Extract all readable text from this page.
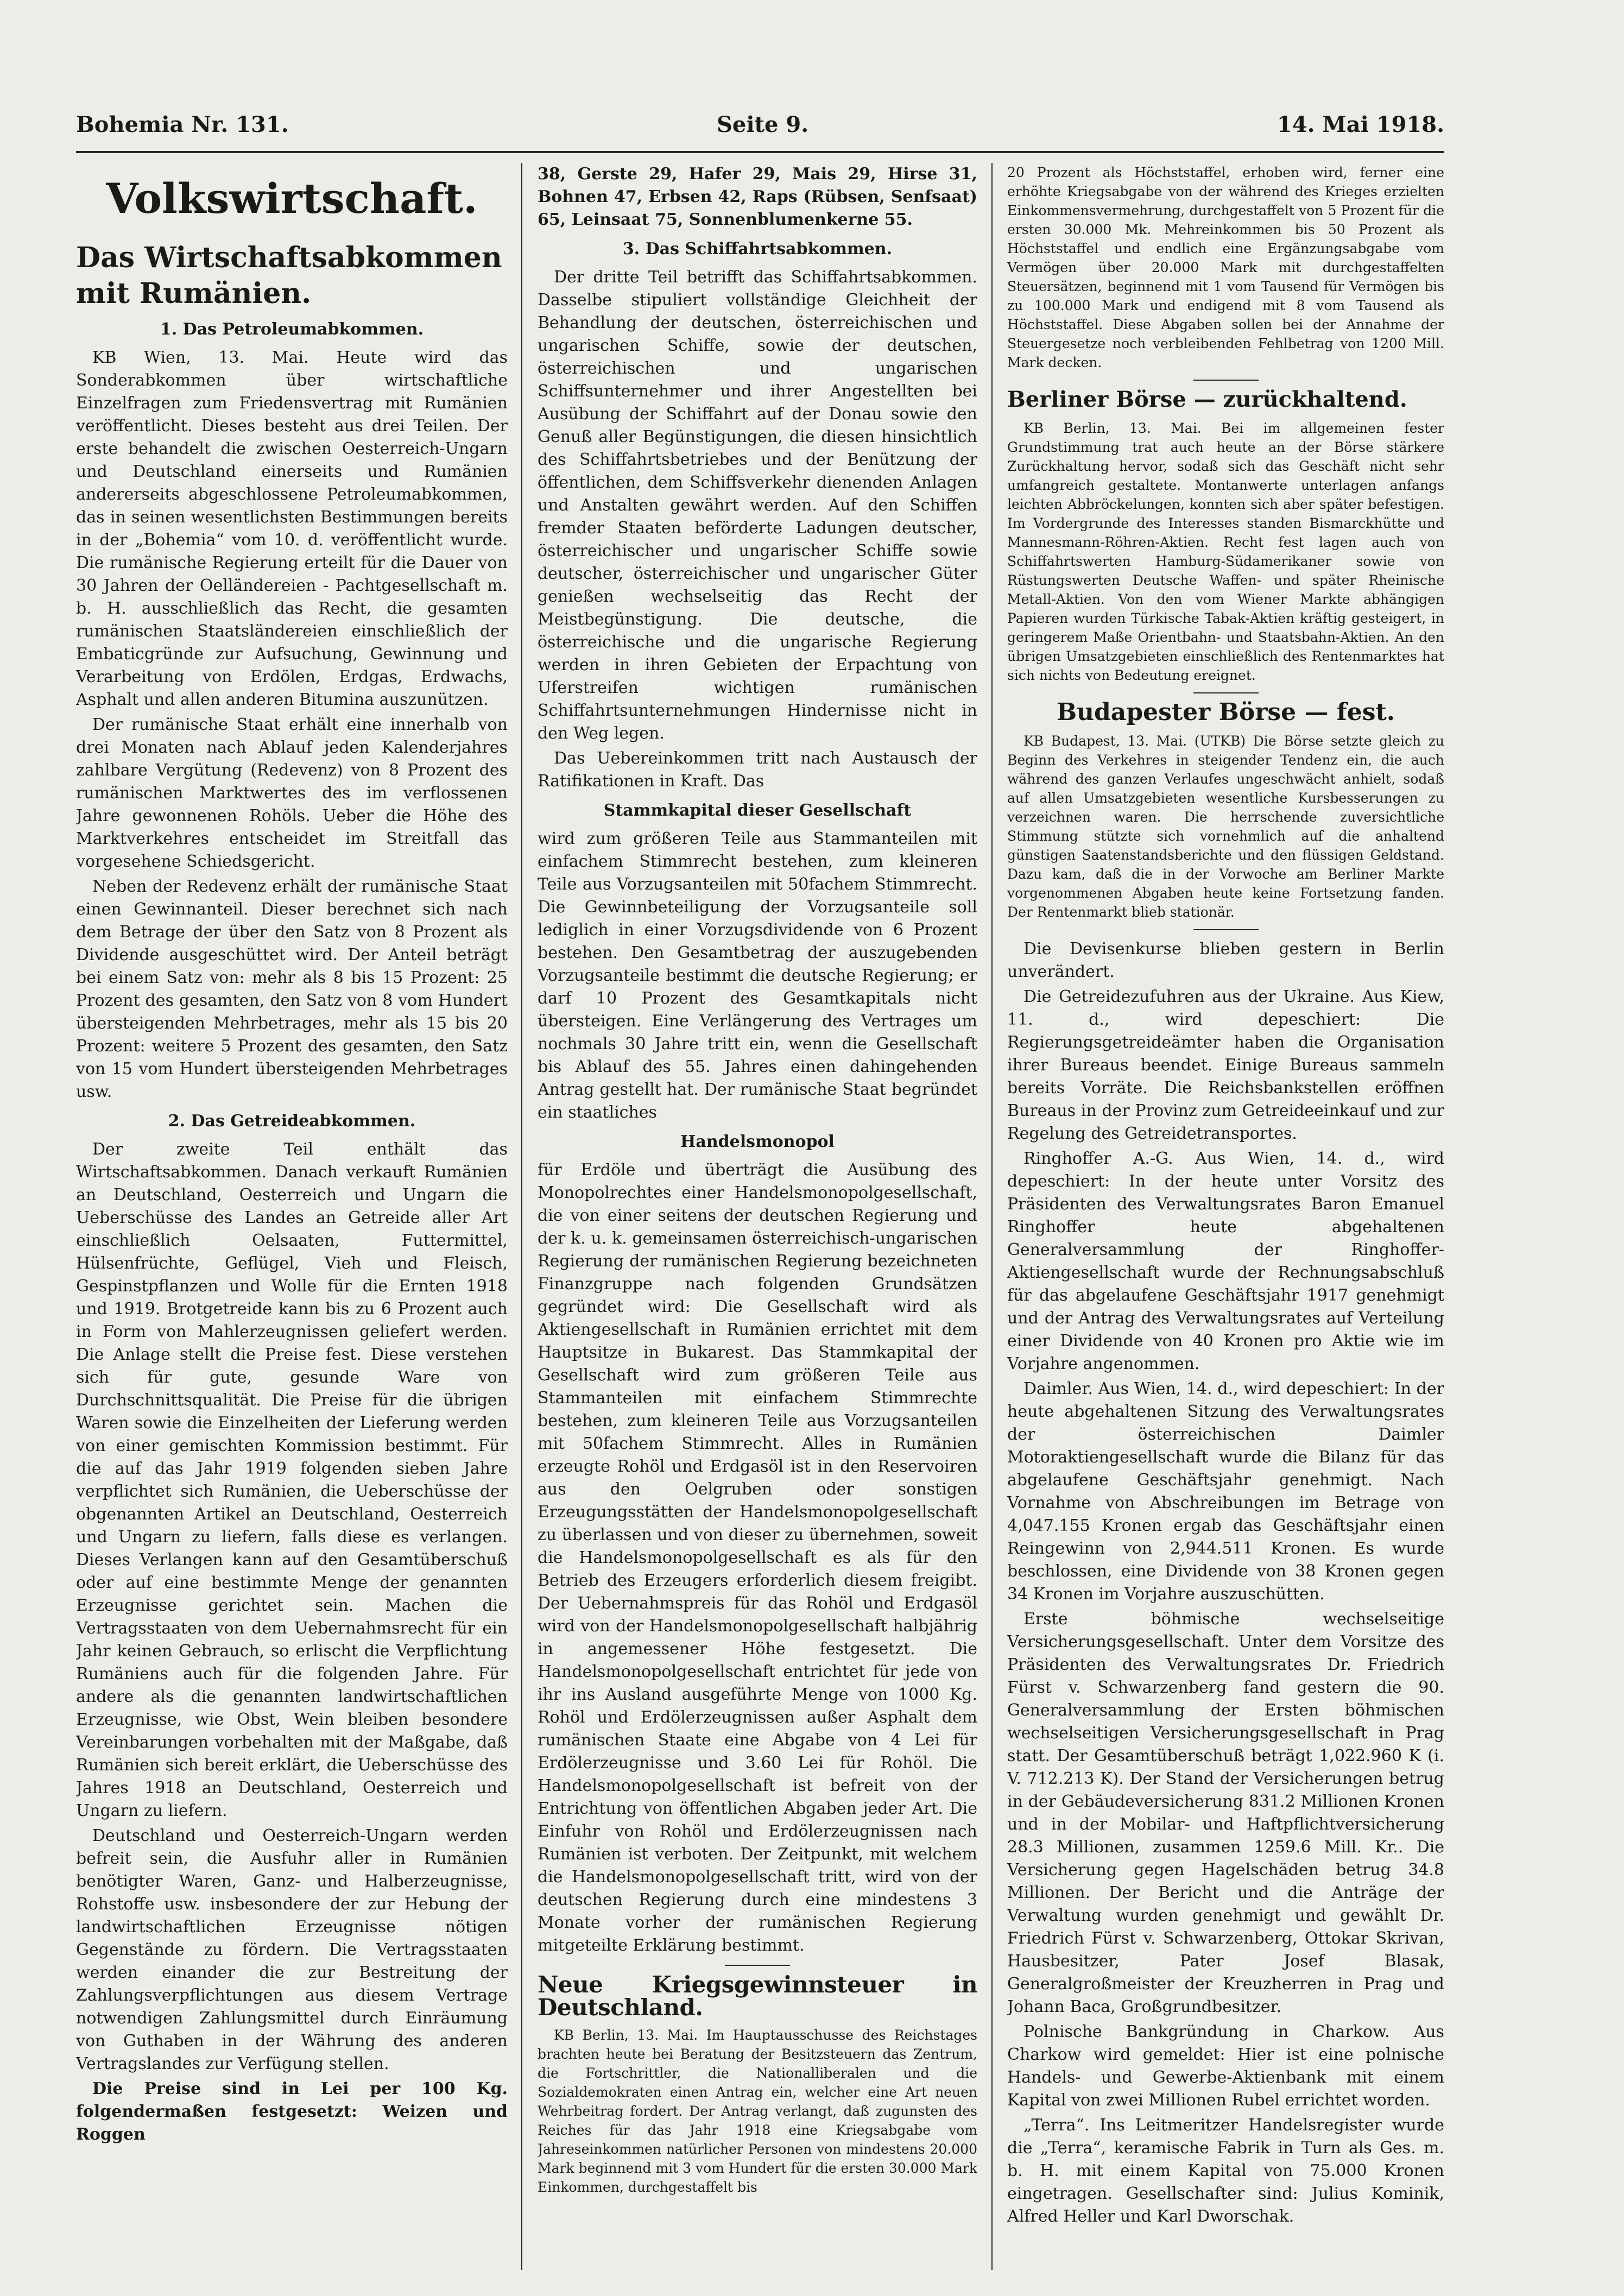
Bohemia Nr. 131.	Seite 9.	14. Mai 1918.
Volkswirtschaft.
Das Wirtschaftsabkommen mit Rumänien.
1. Das Petroleumabkommen.

KB Wien, 13. Mai. Heute wird das Sonderabkommen über wirtschaftliche Einzelfragen zum Friedensvertrag mit Rumänien veröffentlicht. Dieses besteht aus drei Teilen. Der erste behandelt die zwischen Oesterreich-Ungarn und Deutschland einerseits und Rumänien andererseits abgeschlossene Petroleumabkommen, das in seinen wesentlichsten Bestimmungen bereits in der „Bohemia“ vom 10. d. veröffentlicht wurde. Die rumänische Regierung erteilt für die Dauer von 30 Jahren der Oelländereien - Pachtgesellschaft m. b. H. ausschließlich das Recht, die gesamten rumänischen Staatsländereien einschließlich der Embaticgründe zur Aufsuchung, Gewinnung und Verarbeitung von Erdölen, Erdgas, Erdwachs, Asphalt und allen anderen Bitumina auszunützen.

Der rumänische Staat erhält eine innerhalb von drei Monaten nach Ablauf jeden Kalenderjahres zahlbare Vergütung (Redevenz) von 8 Prozent des rumänischen Marktwertes des im verflossenen Jahre gewonnenen Rohöls. Ueber die Höhe des Marktverkehres entscheidet im Streitfall das vorgesehene Schiedsgericht.

Neben der Redevenz erhält der rumänische Staat einen Gewinnanteil. Dieser berechnet sich nach dem Betrage der über den Satz von 8 Prozent als Dividende ausgeschüttet wird. Der Anteil beträgt bei einem Satz von: mehr als 8 bis 15 Prozent: 25 Prozent des gesamten, den Satz von 8 vom Hundert übersteigenden Mehrbetrages, mehr als 15 bis 20 Prozent: weitere 5 Prozent des gesamten, den Satz von 15 vom Hundert übersteigenden Mehrbetrages usw.

2. Das Getreideabkommen.

Der zweite Teil enthält das Wirtschaftsabkommen. Danach verkauft Rumänien an Deutschland, Oesterreich und Ungarn die Ueberschüsse des Landes an Getreide aller Art einschließlich Oelsaaten, Futtermittel, Hülsenfrüchte, Geflügel, Vieh und Fleisch, Gespinstpflanzen und Wolle für die Ernten 1918 und 1919. Brotgetreide kann bis zu 6 Prozent auch in Form von Mahlerzeugnissen geliefert werden. Die Anlage stellt die Preise fest. Diese verstehen sich für gute, gesunde Ware von Durchschnittsqualität. Die Preise für die übrigen Waren sowie die Einzelheiten der Lieferung werden von einer gemischten Kommission bestimmt. Für die auf das Jahr 1919 folgenden sieben Jahre verpflichtet sich Rumänien, die Ueberschüsse der obgenannten Artikel an Deutschland, Oesterreich und Ungarn zu liefern, falls diese es verlangen. Dieses Verlangen kann auf den Gesamtüberschuß oder auf eine bestimmte Menge der genannten Erzeugnisse gerichtet sein. Machen die Vertragsstaaten von dem Uebernahmsrecht für ein Jahr keinen Gebrauch, so erlischt die Verpflichtung Rumäniens auch für die folgenden Jahre. Für andere als die genannten landwirtschaftlichen Erzeugnisse, wie Obst, Wein bleiben besondere Vereinbarungen vorbehalten mit der Maßgabe, daß Rumänien sich bereit erklärt, die Ueberschüsse des Jahres 1918 an Deutschland, Oesterreich und Ungarn zu liefern.

Deutschland und Oesterreich-Ungarn werden befreit sein, die Ausfuhr aller in Rumänien benötigter Waren, Ganz- und Halberzeugnisse, Rohstoffe usw. insbesondere der zur Hebung der landwirtschaftlichen Erzeugnisse nötigen Gegenstände zu fördern. Die Vertragsstaaten werden einander die zur Bestreitung der Zahlungsverpflichtungen aus diesem Vertrage notwendigen Zahlungsmittel durch Einräumung von Guthaben in der Währung des anderen Vertragslandes zur Verfügung stellen.

Die Preise sind in Lei per 100 Kg. folgendermaßen festgesetzt: Weizen und Roggen

38, Gerste 29, Hafer 29, Mais 29, Hirse 31, Bohnen 47, Erbsen 42, Raps (Rübsen, Senfsaat) 65, Leinsaat 75, Sonnenblumenkerne 55.

3. Das Schiffahrtsabkommen.

Der dritte Teil betrifft das Schiffahrtsabkommen. Dasselbe stipuliert vollständige Gleichheit der Behandlung der deutschen, österreichischen und ungarischen Schiffe, sowie der deutschen, österreichischen und ungarischen Schiffsunternehmer und ihrer Angestellten bei Ausübung der Schiffahrt auf der Donau sowie den Genuß aller Begünstigungen, die diesen hinsichtlich des Schiffahrtsbetriebes und der Benützung der öffentlichen, dem Schiffsverkehr dienenden Anlagen und Anstalten gewährt werden. Auf den Schiffen fremder Staaten beförderte Ladungen deutscher, österreichischer und ungarischer Schiffe sowie deutscher, österreichischer und ungarischer Güter genießen wechselseitig das Recht der Meistbegünstigung. Die deutsche, die österreichische und die ungarische Regierung werden in ihren Gebieten der Erpachtung von Uferstreifen wichtigen rumänischen Schiffahrtsunternehmungen Hindernisse nicht in den Weg legen.

Das Uebereinkommen tritt nach Austausch der Ratifikationen in Kraft. Das

Stammkapital dieser Gesellschaft

wird zum größeren Teile aus Stammanteilen mit einfachem Stimmrecht bestehen, zum kleineren Teile aus Vorzugsanteilen mit 50fachem Stimmrecht. Die Gewinnbeteiligung der Vorzugsanteile soll lediglich in einer Vorzugsdividende von 6 Prozent bestehen. Den Gesamtbetrag der auszugebenden Vorzugsanteile bestimmt die deutsche Regierung; er darf 10 Prozent des Gesamtkapitals nicht übersteigen. Eine Verlängerung des Vertrages um nochmals 30 Jahre tritt ein, wenn die Gesellschaft bis Ablauf des 55. Jahres einen dahingehenden Antrag gestellt hat. Der rumänische Staat begründet ein staatliches

Handelsmonopol

für Erdöle und überträgt die Ausübung des Monopolrechtes einer Handelsmonopolgesellschaft, die von einer seitens der deutschen Regierung und der k. u. k. gemeinsamen österreichisch-ungarischen Regierung der rumänischen Regierung bezeichneten Finanzgruppe nach folgenden Grundsätzen gegründet wird: Die Gesellschaft wird als Aktiengesellschaft in Rumänien errichtet mit dem Hauptsitze in Bukarest. Das Stammkapital der Gesellschaft wird zum größeren Teile aus Stammanteilen mit einfachem Stimmrechte bestehen, zum kleineren Teile aus Vorzugsanteilen mit 50fachem Stimmrecht. Alles in Rumänien erzeugte Rohöl und Erdgasöl ist in den Reservoiren aus den Oelgruben oder sonstigen Erzeugungsstätten der Handelsmonopolgesellschaft zu überlassen und von dieser zu übernehmen, soweit die Handelsmonopolgesellschaft es als für den Betrieb des Erzeugers erforderlich diesem freigibt. Der Uebernahmspreis für das Rohöl und Erdgasöl wird von der Handelsmonopolgesellschaft halbjährig in angemessener Höhe festgesetzt. Die Handelsmonopolgesellschaft entrichtet für jede von ihr ins Ausland ausgeführte Menge von 1000 Kg. Rohöl und Erdölerzeugnissen außer Asphalt dem rumänischen Staate eine Abgabe von 4 Lei für Erdölerzeugnisse und 3.60 Lei für Rohöl. Die Handelsmonopolgesellschaft ist befreit von der Entrichtung von öffentlichen Abgaben jeder Art. Die Einfuhr von Rohöl und Erdölerzeugnissen nach Rumänien ist verboten. Der Zeitpunkt, mit welchem die Handelsmonopolgesellschaft tritt, wird von der deutschen Regierung durch eine mindestens 3 Monate vorher der rumänischen Regierung mitgeteilte Erklärung bestimmt.

Neue Kriegsgewinnsteuer in Deutschland.

KB Berlin, 13. Mai. Im Hauptausschusse des Reichstages brachten heute bei Beratung der Besitzsteuern das Zentrum, die Fortschrittler, die Nationalliberalen und die Sozialdemokraten einen Antrag ein, welcher eine Art neuen Wehrbeitrag fordert. Der Antrag verlangt, daß zugunsten des Reiches für das Jahr 1918 eine Kriegsabgabe vom Jahreseinkommen natürlicher Personen von mindestens 20.000 Mark beginnend mit 3 vom Hundert für die ersten 30.000 Mark Einkommen, durchgestaffelt bis

20 Prozent als Höchststaffel, erhoben wird, ferner eine erhöhte Kriegsabgabe von der während des Krieges erzielten Einkommensvermehrung, durchgestaffelt von 5 Prozent für die ersten 30.000 Mk. Mehreinkommen bis 50 Prozent als Höchststaffel und endlich eine Ergänzungsabgabe vom Vermögen über 20.000 Mark mit durchgestaffelten Steuersätzen, beginnend mit 1 vom Tausend für Vermögen bis zu 100.000 Mark und endigend mit 8 vom Tausend als Höchststaffel. Diese Abgaben sollen bei der Annahme der Steuergesetze noch verbleibenden Fehlbetrag von 1200 Mill. Mark decken.

Berliner Börse — zurückhaltend.

KB Berlin, 13. Mai. Bei im allgemeinen fester Grundstimmung trat auch heute an der Börse stärkere Zurückhaltung hervor, sodaß sich das Geschäft nicht sehr umfangreich gestaltete. Montanwerte unterlagen anfangs leichten Abbröckelungen, konnten sich aber später befestigen. Im Vordergrunde des Interesses standen Bismarckhütte und Mannesmann-Röhren-Aktien. Recht fest lagen auch von Schiffahrtswerten Hamburg-Südamerikaner sowie von Rüstungswerten Deutsche Waffen- und später Rheinische Metall-Aktien. Von den vom Wiener Markte abhängigen Papieren wurden Türkische Tabak-Aktien kräftig gesteigert, in geringerem Maße Orientbahn- und Staatsbahn-Aktien. An den übrigen Umsatzgebieten einschließlich des Rentenmarktes hat sich nichts von Bedeutung ereignet.

Budapester Börse — fest.

KB Budapest, 13. Mai. (UTKB) Die Börse setzte gleich zu Beginn des Verkehres in steigender Tendenz ein, die auch während des ganzen Verlaufes ungeschwächt anhielt, sodaß auf allen Umsatzgebieten wesentliche Kursbesserungen zu verzeichnen waren. Die herrschende zuversichtliche Stimmung stützte sich vornehmlich auf die anhaltend günstigen Saatenstandsberichte und den flüssigen Geldstand. Dazu kam, daß die in der Vorwoche am Berliner Markte vorgenommenen Abgaben heute keine Fortsetzung fanden. Der Rentenmarkt blieb stationär.

Die Devisenkurse blieben gestern in Berlin unverändert.

Die Getreidezufuhren aus der Ukraine. Aus Kiew, 11. d., wird depeschiert: Die Regierungsgetreideämter haben die Organisation ihrer Bureaus beendet. Einige Bureaus sammeln bereits Vorräte. Die Reichsbankstellen eröffnen Bureaus in der Provinz zum Getreideeinkauf und zur Regelung des Getreidetransportes.

Ringhoffer A.-G. Aus Wien, 14. d., wird depeschiert: In der heute unter Vorsitz des Präsidenten des Verwaltungsrates Baron Emanuel Ringhoffer heute abgehaltenen Generalversammlung der Ringhoffer-Aktiengesellschaft wurde der Rechnungsabschluß für das abgelaufene Geschäftsjahr 1917 genehmigt und der Antrag des Verwaltungsrates auf Verteilung einer Dividende von 40 Kronen pro Aktie wie im Vorjahre angenommen.

Daimler. Aus Wien, 14. d., wird depeschiert: In der heute abgehaltenen Sitzung des Verwaltungsrates der österreichischen Daimler Motoraktiengesellschaft wurde die Bilanz für das abgelaufene Geschäftsjahr genehmigt. Nach Vornahme von Abschreibungen im Betrage von 4,047.155 Kronen ergab das Geschäftsjahr einen Reingewinn von 2,944.511 Kronen. Es wurde beschlossen, eine Dividende von 38 Kronen gegen 34 Kronen im Vorjahre auszuschütten.

Erste böhmische wechselseitige Versicherungsgesellschaft. Unter dem Vorsitze des Präsidenten des Verwaltungsrates Dr. Friedrich Fürst v. Schwarzenberg fand gestern die 90. Generalversammlung der Ersten böhmischen wechselseitigen Versicherungsgesellschaft in Prag statt. Der Gesamtüberschuß beträgt 1,022.960 K (i. V. 712.213 K). Der Stand der Versicherungen betrug in der Gebäudeversicherung 831.2 Millionen Kronen und in der Mobilar- und Haftpflichtversicherung 28.3 Millionen, zusammen 1259.6 Mill. Kr.. Die Versicherung gegen Hagelschäden betrug 34.8 Millionen. Der Bericht und die Anträge der Verwaltung wurden genehmigt und gewählt Dr. Friedrich Fürst v. Schwarzenberg, Ottokar Skrivan, Hausbesitzer, Pater Josef Blasak, Generalgroßmeister der Kreuzherren in Prag und Johann Baca, Großgrundbesitzer.

Polnische Bankgründung in Charkow. Aus Charkow wird gemeldet: Hier ist eine polnische Handels- und Gewerbe-Aktienbank mit einem Kapital von zwei Millionen Rubel errichtet worden.

„Terra“. Ins Leitmeritzer Handelsregister wurde die „Terra“, keramische Fabrik in Turn als Ges. m. b. H. mit einem Kapital von 75.000 Kronen eingetragen. Gesellschafter sind: Julius Kominik, Alfred Heller und Karl Dworschak.
